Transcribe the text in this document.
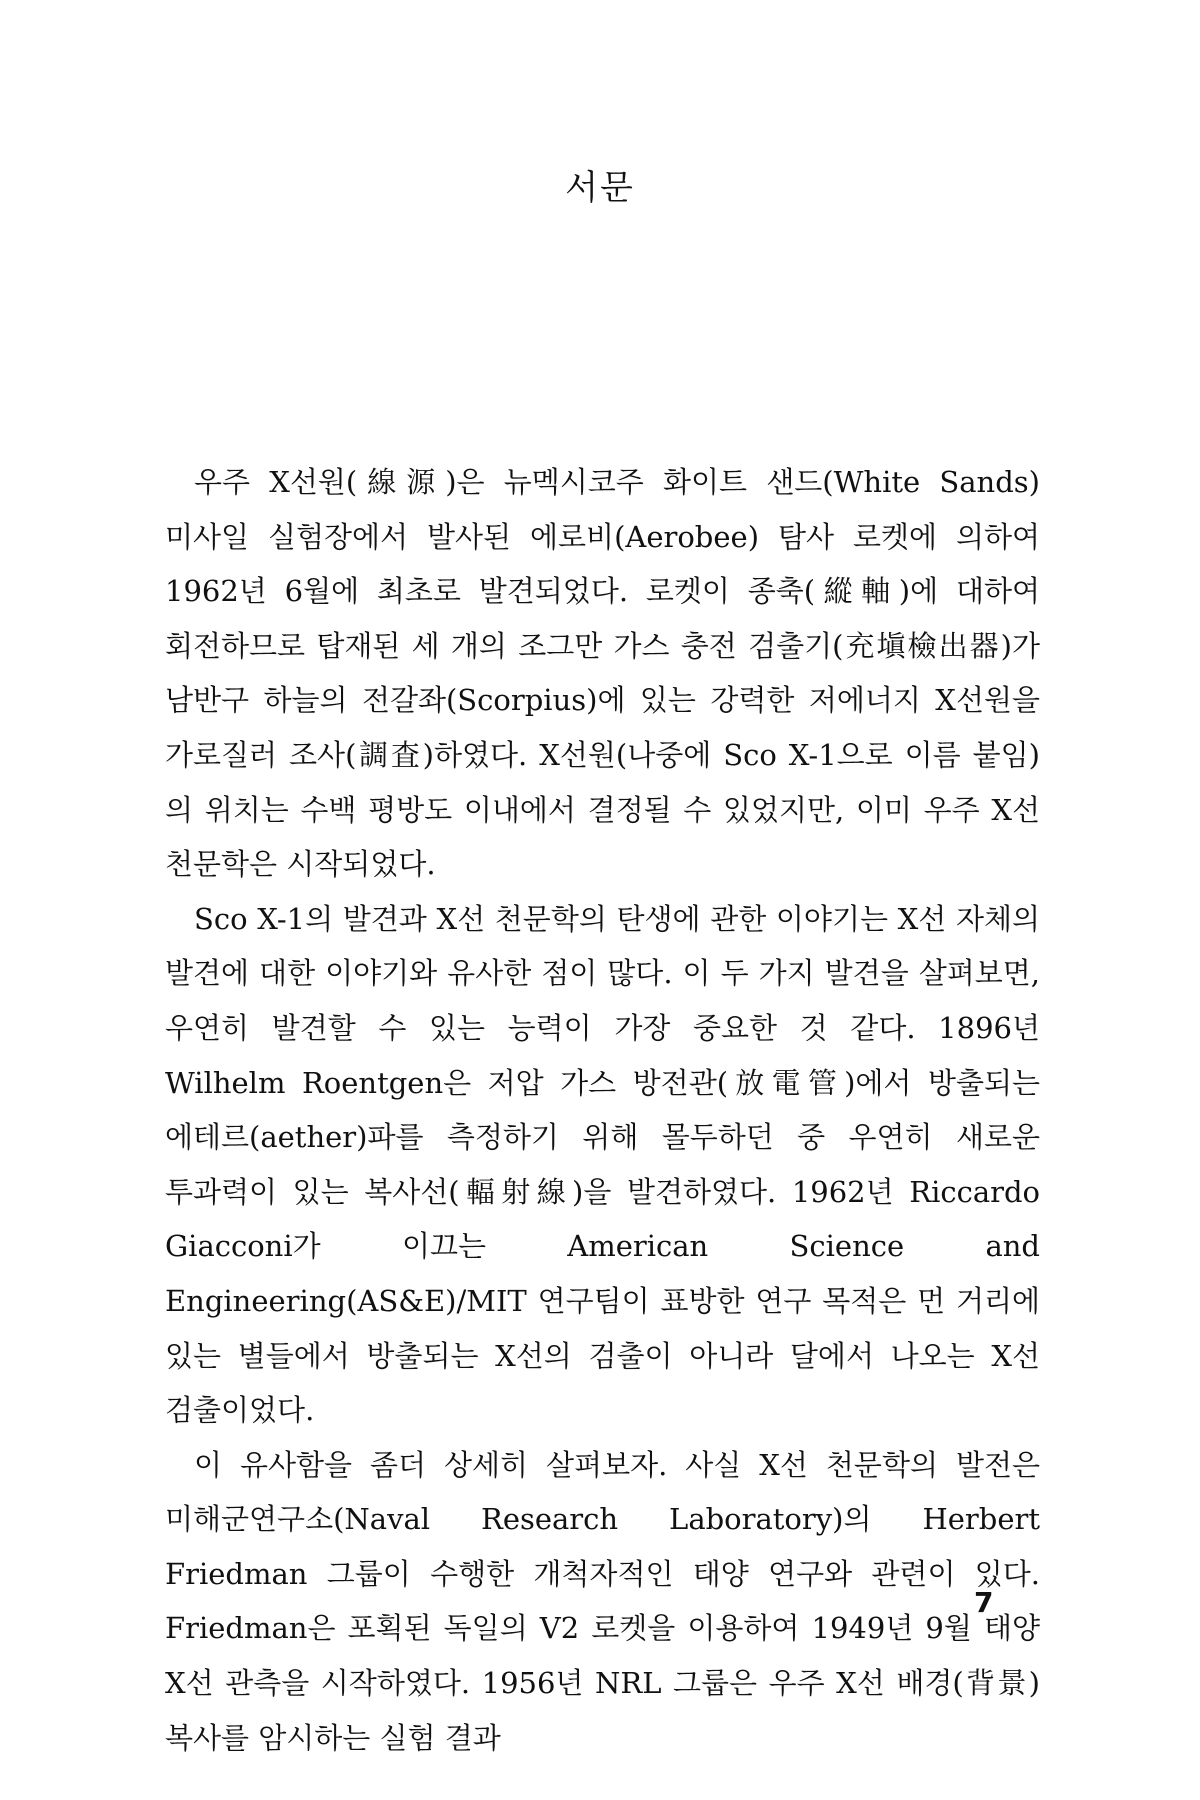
서문

우주 X선원(線源)은 뉴멕시코주 화이트 샌드(White Sands) 미사일 실험장에서 발사된 에로비(Aerobee) 탐사 로켓에 의하여 1962년 6월에 최초로 발견되었다. 로켓이 종축(縱軸)에 대하여 회전하므로 탑재된 세 개의 조그만 가스 충전 검출기(充塡檢出器)가 남반구 하늘의 전갈좌(Scorpius)에 있는 강력한 저에너지 X선원을 가로질러 조사(調査)하였다. X선원(나중에 Sco X-1으로 이름 붙임)의 위치는 수백 평방도 이내에서 결정될 수 있었지만, 이미 우주 X선 천문학은 시작되었다.

Sco X-1의 발견과 X선 천문학의 탄생에 관한 이야기는 X선 자체의 발견에 대한 이야기와 유사한 점이 많다. 이 두 가지 발견을 살펴보면, 우연히 발견할 수 있는 능력이 가장 중요한 것 같다. 1896년 Wilhelm Roentgen은 저압 가스 방전관(放電管)에서 방출되는 에테르(aether)파를 측정하기 위해 몰두하던 중 우연히 새로운 투과력이 있는 복사선(輻射線)을 발견하였다. 1962년 Riccardo Giacconi가 이끄는 American Science and Engineering(AS&E)/MIT 연구팀이 표방한 연구 목적은 먼 거리에 있는 별들에서 방출되는 X선의 검출이 아니라 달에서 나오는 X선 검출이었다.

이 유사함을 좀더 상세히 살펴보자. 사실 X선 천문학의 발전은 미해군연구소(Naval Research Laboratory)의 Herbert Friedman 그룹이 수행한 개척자적인 태양 연구와 관련이 있다. Friedman은 포획된 독일의 V2 로켓을 이용하여 1949년 9월 태양 X선 관측을 시작하였다. 1956년 NRL 그룹은 우주 X선 배경(背景) 복사를 암시하는 실험 결과

7
